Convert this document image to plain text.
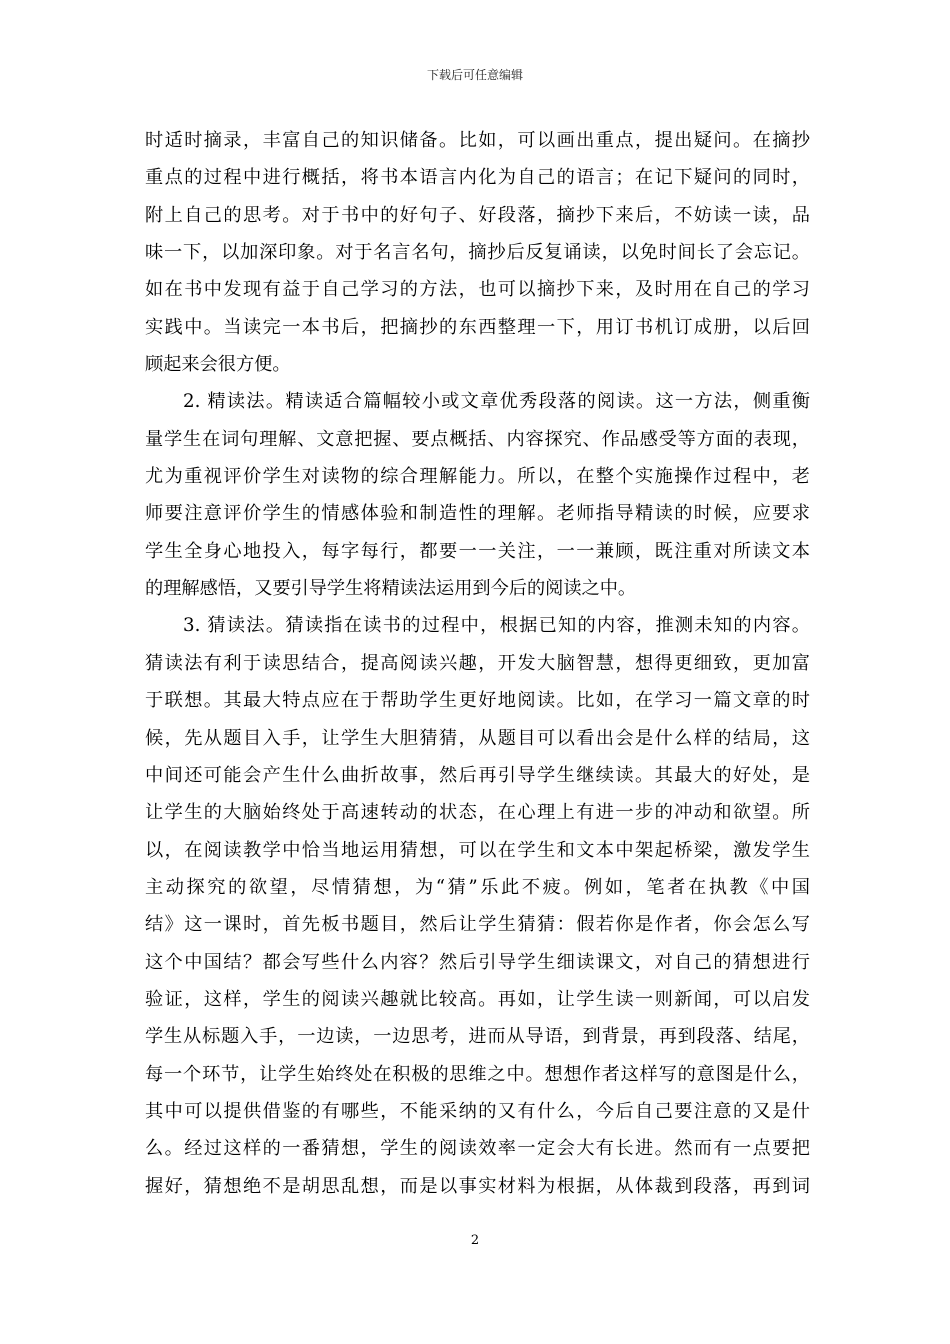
下载后可任意编辑
时适时摘录，丰富自己的知识储备。比如，可以画出重点，提出疑问。在摘抄
重点的过程中进行概括，将书本语言内化为自己的语言；在记下疑问的同时，
附上自己的思考。对于书中的好句子、好段落，摘抄下来后，不妨读一读，品
味一下，以加深印象。对于名言名句，摘抄后反复诵读，以免时间长了会忘记。
如在书中发现有益于自己学习的方法，也可以摘抄下来，及时用在自己的学习
实践中。当读完一本书后，把摘抄的东西整理一下，用订书机订成册，以后回
顾起来会很方便。
2. 精读法。精读适合篇幅较小或文章优秀段落的阅读。这一方法，侧重衡
量学生在词句理解、文意把握、要点概括、内容探究、作品感受等方面的表现，
尤为重视评价学生对读物的综合理解能力。所以，在整个实施操作过程中，老
师要注意评价学生的情感体验和制造性的理解。老师指导精读的时候，应要求
学生全身心地投入，每字每行，都要一一关注，一一兼顾，既注重对所读文本
的理解感悟，又要引导学生将精读法运用到今后的阅读之中。
3. 猜读法。猜读指在读书的过程中，根据已知的内容，推测未知的内容。
猜读法有利于读思结合，提高阅读兴趣，开发大脑智慧，想得更细致，更加富
于联想。其最大特点应在于帮助学生更好地阅读。比如，在学习一篇文章的时
候，先从题目入手，让学生大胆猜猜，从题目可以看出会是什么样的结局，这
中间还可能会产生什么曲折故事，然后再引导学生继续读。其最大的好处，是
让学生的大脑始终处于高速转动的状态，在心理上有进一步的冲动和欲望。所
以，在阅读教学中恰当地运用猜想，可以在学生和文本中架起桥梁，激发学生
主动探究的欲望，尽情猜想，为“猜”乐此不疲。例如，笔者在执教《中国
结》这一课时，首先板书题目，然后让学生猜猜：假若你是作者，你会怎么写
这个中国结？都会写些什么内容？然后引导学生细读课文，对自己的猜想进行
验证，这样，学生的阅读兴趣就比较高。再如，让学生读一则新闻，可以启发
学生从标题入手，一边读，一边思考，进而从导语，到背景，再到段落、结尾，
每一个环节，让学生始终处在积极的思维之中。想想作者这样写的意图是什么，
其中可以提供借鉴的有哪些，不能采纳的又有什么，今后自己要注意的又是什
么。经过这样的一番猜想，学生的阅读效率一定会大有长进。然而有一点要把
握好，猜想绝不是胡思乱想，而是以事实材料为根据，从体裁到段落，再到词
2
